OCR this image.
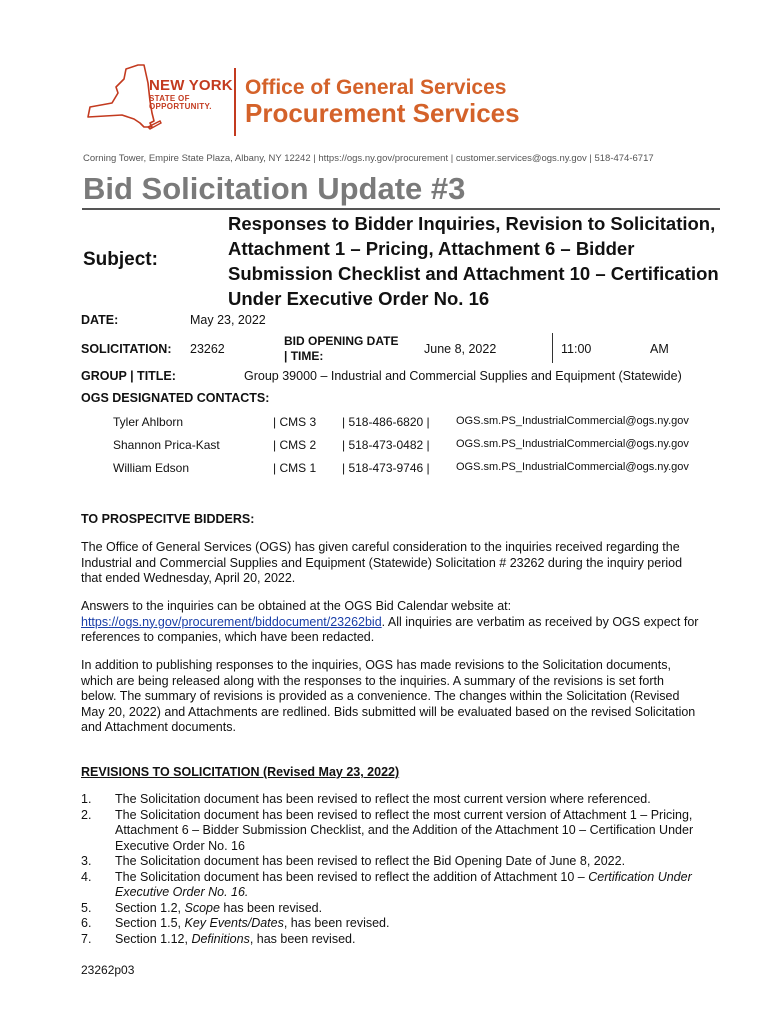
NEW YORK
STATE OF
OPPORTUNITY.
Office of General Services
Procurement Services
Corning Tower, Empire State Plaza, Albany, NY 12242 | https://ogs.ny.gov/procurement | customer.services@ogs.ny.gov | 518-474-6717
Bid Solicitation Update #3
Subject:
Responses to Bidder Inquiries, Revision to Solicitation, Attachment 1 – Pricing, Attachment 6 – Bidder Submission Checklist and Attachment 10 – Certification Under Executive Order No. 16
DATE:	May 23, 2022
SOLICITATION: 23262
BID OPENING DATE
| TIME:	June 8, 2022	11:00	AM
GROUP | TITLE:	Group 39000 – Industrial and Commercial Supplies and Equipment (Statewide)
OGS DESIGNATED CONTACTS:
Tyler Ahlborn	| CMS 3 | 518-486-6820 | OGS.sm.PS_IndustrialCommercial@ogs.ny.gov
Shannon Prica-Kast	| CMS 2 | 518-473-0482 | OGS.sm.PS_IndustrialCommercial@ogs.ny.gov
William Edson	| CMS 1 | 518-473-9746 | OGS.sm.PS_IndustrialCommercial@ogs.ny.gov
TO PROSPECITVE BIDDERS:
The Office of General Services (OGS) has given careful consideration to the inquiries received regarding the Industrial and Commercial Supplies and Equipment (Statewide) Solicitation # 23262 during the inquiry period that ended Wednesday, April 20, 2022.
Answers to the inquiries can be obtained at the OGS Bid Calendar website at:
https://ogs.ny.gov/procurement/biddocument/23262bid. All inquiries are verbatim as received by OGS expect for references to companies, which have been redacted.
In addition to publishing responses to the inquiries, OGS has made revisions to the Solicitation documents, which are being released along with the responses to the inquiries. A summary of the revisions is set forth below. The summary of revisions is provided as a convenience. The changes within the Solicitation (Revised May 20, 2022) and Attachments are redlined. Bids submitted will be evaluated based on the revised Solicitation and Attachment documents.
REVISIONS TO SOLICITATION (Revised May 23, 2022)
1.	The Solicitation document has been revised to reflect the most current version where referenced.
2.	The Solicitation document has been revised to reflect the most current version of Attachment 1 – Pricing, Attachment 6 – Bidder Submission Checklist, and the Addition of the Attachment 10 – Certification Under Executive Order No. 16
3.	The Solicitation document has been revised to reflect the Bid Opening Date of June 8, 2022.
4.	The Solicitation document has been revised to reflect the addition of Attachment 10 – Certification Under Executive Order No. 16.
5.	Section 1.2, Scope has been revised.
6.	Section 1.5, Key Events/Dates, has been revised.
7.	Section 1.12, Definitions, has been revised.
23262p03
